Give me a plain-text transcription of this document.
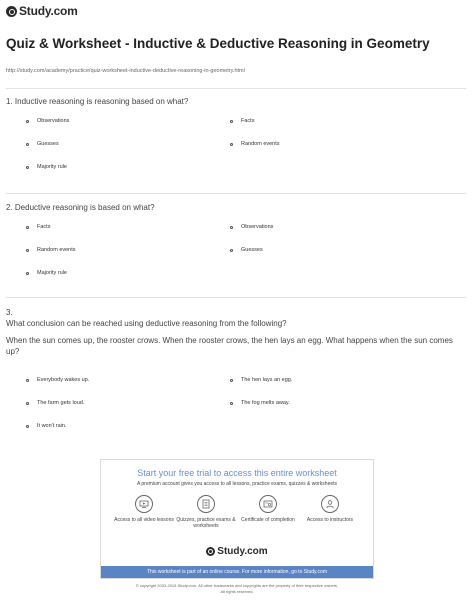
Study.com
Quiz & Worksheet - Inductive & Deductive Reasoning in Geometry
http://study.com/academy/practice/quiz-worksheet-inductive-deductive-reasoning-in-geometry.html
1. Inductive reasoning is reasoning based on what?
Observations	Facts
Guesses	Random events
Majority rule
2. Deductive reasoning is based on what?
Facts	Observations
Random events	Guesses
Majority rule
3.
What conclusion can be reached using deductive reasoning from the following?
When the sun comes up, the rooster crows. When the rooster crows, the hen lays an egg. What happens when the sun comes up?
Everybody wakes up.	The hen lays an egg.
The farm gets loud.	The fog melts away.
It won't rain.
Start your free trial to access this entire worksheet
A premium account gives you access to all lessons, practice exams, quizzes & worksheets
Access to all video lessons Quizzes, practice exams & worksheets
Certificate of completion Access to instructors
Study.com
This worksheet is part of an online course. For more information, go to Study.com
© copyright 2003-2015 Study.com. All other trademarks and copyrights are the property of their respective owners.
All rights reserved.
